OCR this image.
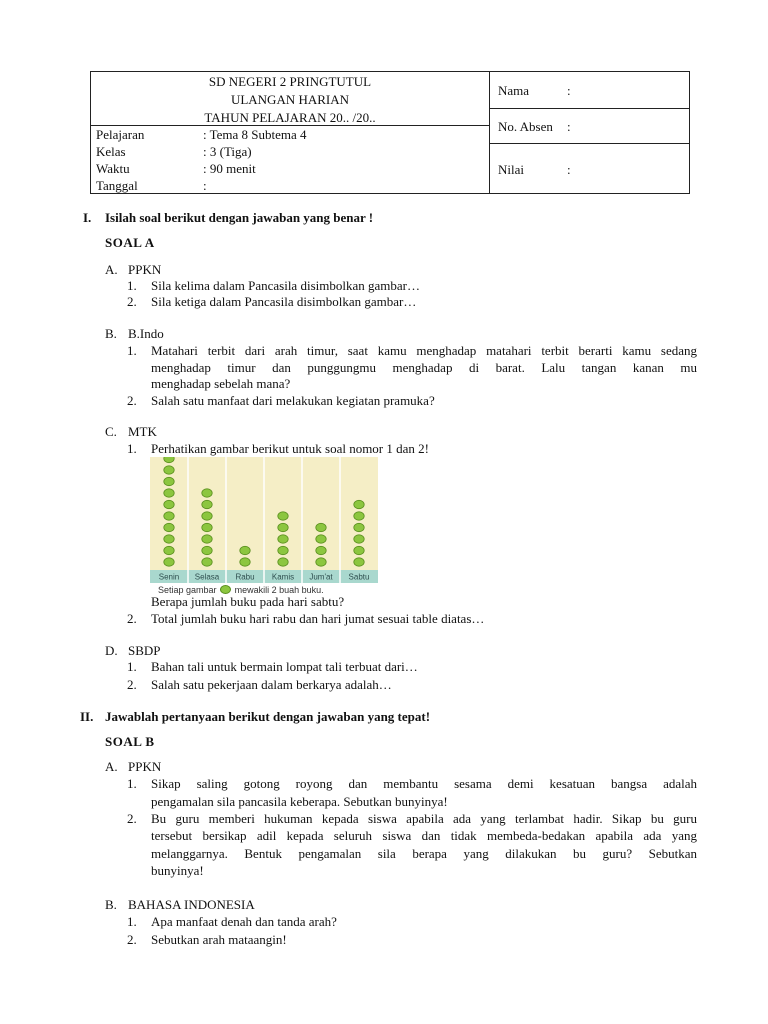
SD NEGERI 2 PRINGTUTUL
ULANGAN HARIAN
TAHUN PELAJARAN 20.. /20..
Pelajaran	: Tema 8 Subtema 4
Kelas	: 3 (Tiga)
Waktu	: 90 menit
Tanggal	:
Nama	:
No. Absen :
Nilai	:
I. Isilah soal berikut dengan jawaban yang benar !
SOAL A
A. PPKN
1. Sila kelima dalam Pancasila disimbolkan gambar…
2. Sila ketiga dalam Pancasila disimbolkan gambar…
B. B.Indo
1. Matahari terbit dari arah timur, saat kamu menghadap matahari terbit berarti kamu sedang
menghadap timur dan punggungmu menghadap di barat. Lalu tangan kanan mu
menghadap sebelah mana?
2. Salah satu manfaat dari melakukan kegiatan pramuka?
C. MTK
1. Perhatikan gambar berikut untuk soal nomor 1 dan 2!
Senin Selasa Rabu Kamis Jum'at Sabtu
Setiap gambar mewakili 2 buah buku.
Berapa jumlah buku pada hari sabtu?
2. Total jumlah buku hari rabu dan hari jumat sesuai table diatas…
D. SBDP
1. Bahan tali untuk bermain lompat tali terbuat dari…
2. Salah satu pekerjaan dalam berkarya adalah…
II. Jawablah pertanyaan berikut dengan jawaban yang tepat!
SOAL B
A. PPKN
1. Sikap saling gotong royong dan membantu sesama demi kesatuan bangsa adalah
pengamalan sila pancasila keberapa. Sebutkan bunyinya!
2. Bu guru memberi hukuman kepada siswa apabila ada yang terlambat hadir. Sikap bu guru
tersebut bersikap adil kepada seluruh siswa dan tidak membeda-bedakan apabila ada yang
melanggarnya. Bentuk pengamalan sila berapa yang dilakukan bu guru? Sebutkan
bunyinya!
B. BAHASA INDONESIA
1. Apa manfaat denah dan tanda arah?
2. Sebutkan arah mataangin!
